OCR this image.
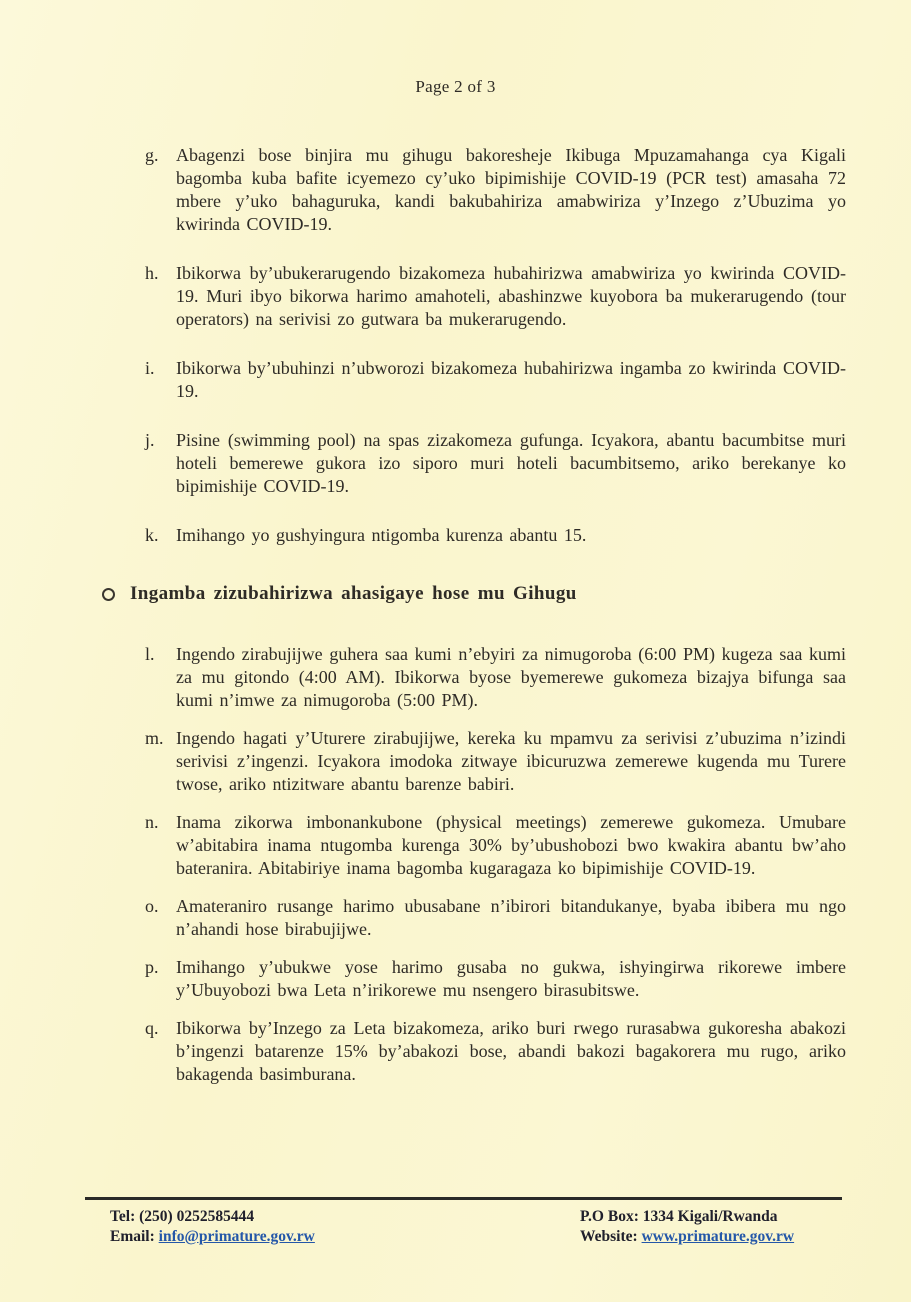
Page 2 of 3
g. Abagenzi bose binjira mu gihugu bakoresheje Ikibuga Mpuzamahanga cya Kigali bagomba kuba bafite icyemezo cy’uko bipimishije COVID-19 (PCR test) amasaha 72 mbere y’uko bahaguruka, kandi bakubahiriza amabwiriza y’Inzego z’Ubuzima yo kwirinda COVID-19.

h. Ibikorwa by’ubukerarugendo bizakomeza hubahirizwa amabwiriza yo kwirinda COVID-19. Muri ibyo bikorwa harimo amahoteli, abashinzwe kuyobora ba mukerarugendo (tour operators) na serivisi zo gutwara ba mukerarugendo.

i.	Ibikorwa by’ubuhinzi n’ubworozi bizakomeza hubahirizwa ingamba zo kwirinda COVID-19.

j.	Pisine (swimming pool) na spas zizakomeza gufunga. Icyakora, abantu bacumbitse muri hoteli bemerewe gukora izo siporo muri hoteli bacumbitsemo, ariko berekanye ko bipimishije COVID-19.

k. Imihango yo gushyingura ntigomba kurenza abantu 15.

Ingamba zizubahirizwa ahasigaye hose mu Gihugu
l.	Ingendo zirabujijwe guhera saa kumi n’ebyiri za nimugoroba (6:00 PM) kugeza saa kumi za mu gitondo (4:00 AM). Ibikorwa byose byemerewe gukomeza bizajya bifunga saa kumi n’imwe za nimugoroba (5:00 PM).

m. Ingendo hagati y’Uturere zirabujijwe, kereka ku mpamvu za serivisi z’ubuzima n’izindi serivisi z’ingenzi. Icyakora imodoka zitwaye ibicuruzwa zemerewe kugenda mu Turere twose, ariko ntizitware abantu barenze babiri.

n. Inama zikorwa imbonankubone (physical meetings) zemerewe gukomeza. Umubare w’abitabira inama ntugomba kurenga 30% by’ubushobozi bwo kwakira abantu bw’aho bateranira. Abitabiriye inama bagomba kugaragaza ko bipimishije COVID-19.

o. Amateraniro rusange harimo ubusabane n’ibirori bitandukanye, byaba ibibera mu ngo n’ahandi hose birabujijwe.

p. Imihango y’ubukwe yose harimo gusaba no gukwa, ishyingirwa rikorewe imbere y’Ubuyobozi bwa Leta n’irikorewe mu nsengero birasubitswe.

q. Ibikorwa by’Inzego za Leta bizakomeza, ariko buri rwego rurasabwa gukoresha abakozi b’ingenzi batarenze 15% by’abakozi bose, abandi bakozi bagakorera mu rugo, ariko bakagenda basimburana.

Tel: (250) 0252585444
Email: info@primature.gov.rw
P.O Box: 1334 Kigali/Rwanda
Website: www.primature.gov.rw
